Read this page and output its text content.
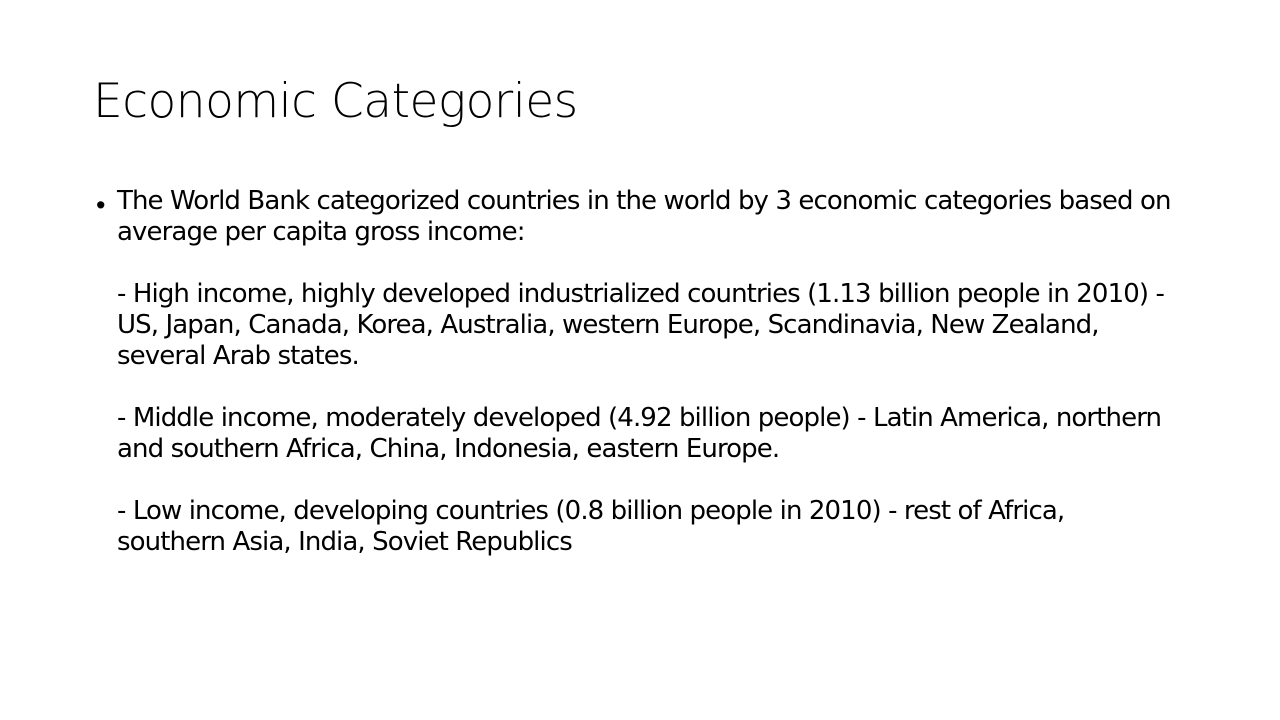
Economic Categories
• The World Bank categorized countries in the world by 3 economic categories based on average per capita gross income:

- High income, highly developed industrialized countries (1.13 billion people in 2010) - US, Japan, Canada, Korea, Australia, western Europe, Scandinavia, New Zealand, several Arab states.

- Middle income, moderately developed (4.92 billion people) - Latin America, northern and southern Africa, China, Indonesia, eastern Europe.

- Low income, developing countries (0.8 billion people in 2010) - rest of Africa, southern Asia, India, Soviet Republics
